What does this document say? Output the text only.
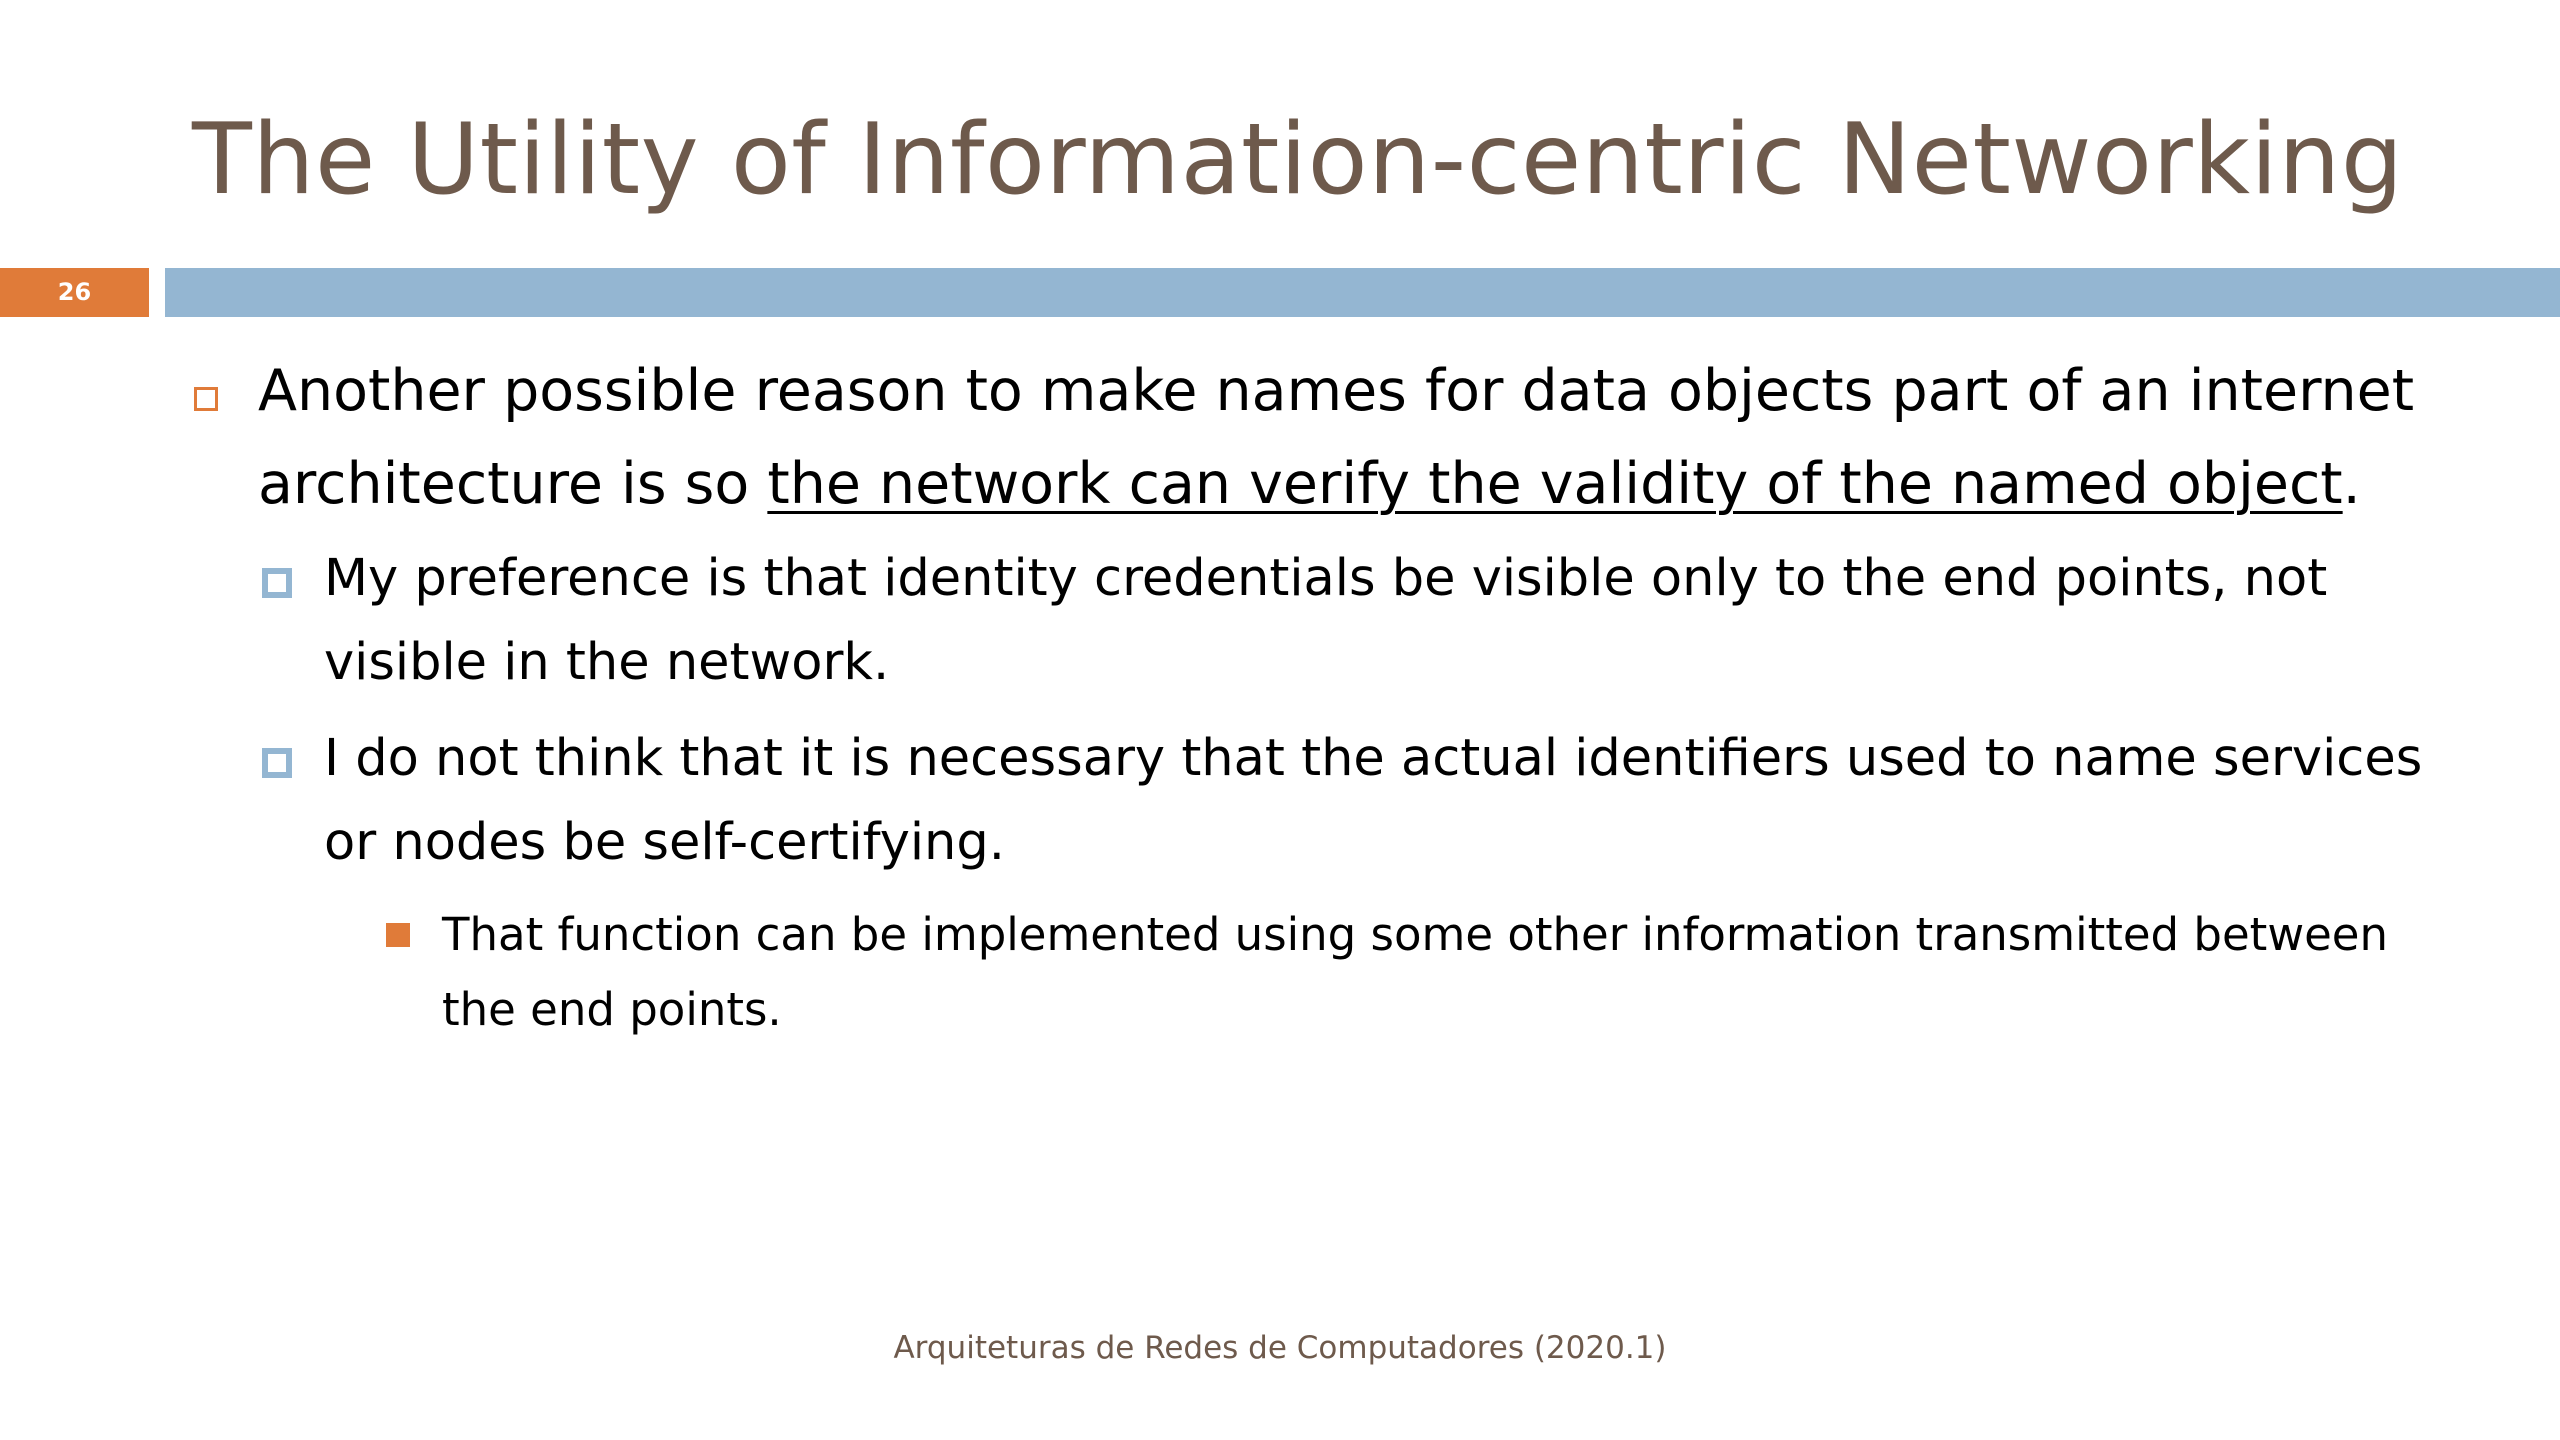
The Utility of Information-centric Networking
26

Another possible reason to make names for data objects part of an internet architecture is so the network can verify the validity of the named object.

My preference is that identity credentials be visible only to the end points, not visible in the network.
I do not think that it is necessary that the actual identifiers used to name services or nodes be self-certifying.
That function can be implemented using some other information transmitted between the end points.
Arquiteturas de Redes de Computadores (2020.1)
